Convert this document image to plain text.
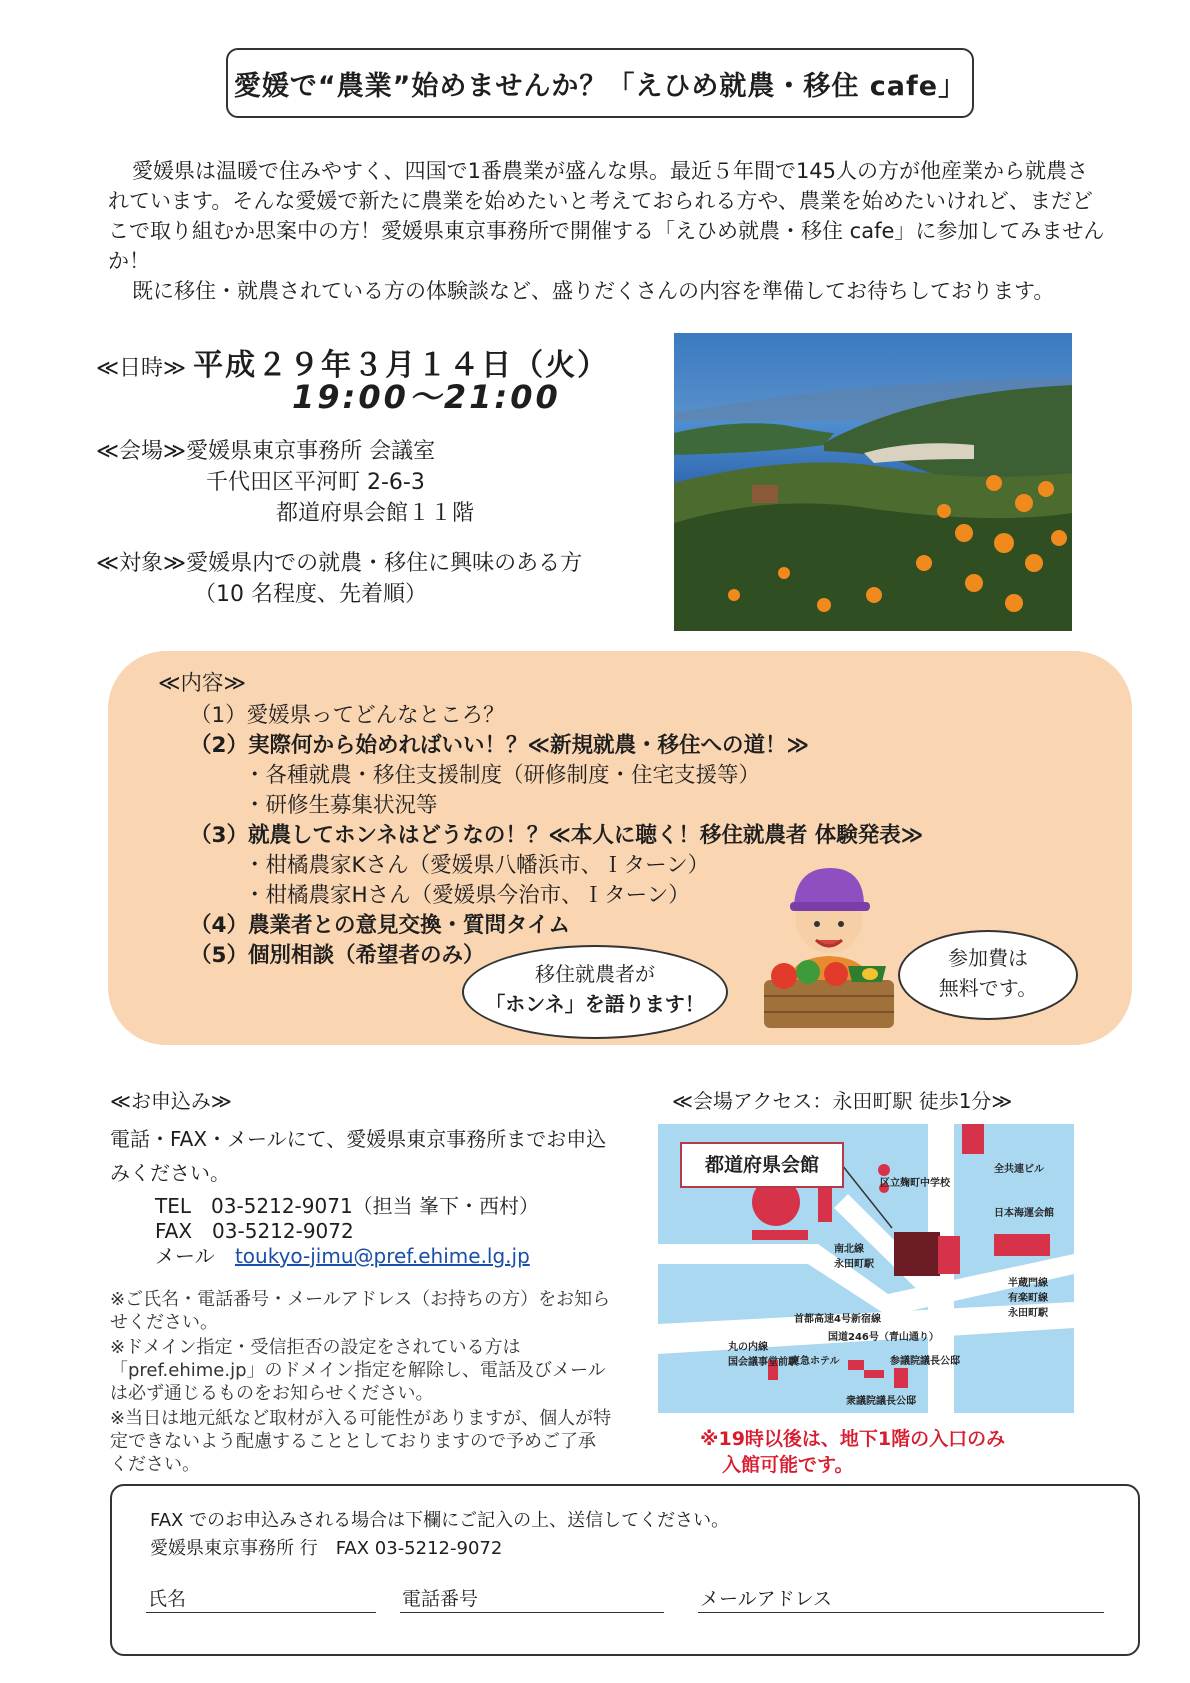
愛媛で“農業”始めませんか？「えひめ就農・移住 cafe」

愛媛県は温暖で住みやすく、四国で1番農業が盛んな県。最近５年間で145人の方が他産業から就農されています。そんな愛媛で新たに農業を始めたいと考えておられる方や、農業を始めたいけれど、まだどこで取り組むか思案中の方！愛媛県東京事務所で開催する「えひめ就農・移住 cafe」に参加してみませんか！

既に移住・就農されている方の体験談など、盛りだくさんの内容を準備してお待ちしております。

≪日時≫ 平成２９年３月１４日（火）
19:00～21:00
≪会場≫愛媛県東京事務所 会議室
千代田区平河町 2-6-3
都道府県会館１１階
≪対象≫愛媛県内での就農・移住に興味のある方
（10 名程度、先着順）
≪内容≫
（1）愛媛県ってどんなところ？
（2）実際何から始めればいい！？≪新規就農・移住への道！≫
・各種就農・移住支援制度（研修制度・住宅支援等）
・研修生募集状況等
（3）就農してホンネはどうなの！？≪本人に聴く！移住就農者 体験発表≫
・柑橘農家Kさん（愛媛県八幡浜市、Ｉターン）
・柑橘農家Hさん（愛媛県今治市、Ｉターン）
（4）農業者との意見交換・質問タイム
（5）個別相談（希望者のみ）
移住就農者が
「ホンネ」を語ります！
参加費は
無料です。
≪お申込み≫
電話・FAX・メールにて、愛媛県東京事務所までお申込
みください。
TEL　03-5212-9071（担当 峯下・西村）
FAX　03-5212-9072
メール toukyo-jimu@pref.ehime.lg.jp
※ご氏名・電話番号・メールアドレス（お持ちの方）をお知らせください。
※ドメイン指定・受信拒否の設定をされている方は「pref.ehime.jp」のドメイン指定を解除し、電話及びメールは必ず通じるものをお知らせください。
※当日は地元紙など取材が入る可能性がありますが、個人が特定できないよう配慮することとしておりますので予めご了承ください。
≪会場アクセス：永田町駅 徒歩1分≫
都道府県会館
区立麹町中学校
全共連ビル
日本海運会館
南北線
永田町駅
半蔵門線
有楽町線
永田町駅
首都高速4号新宿線
国道246号（青山通り）
東急ホテル
丸の内線
国会議事堂前駅	参議院議長公邸
衆議院議長公邸
※19時以後は、地下1階の入口のみ
入館可能です。
FAX でのお申込みされる場合は下欄にご記入の上、送信してください。
愛媛県東京事務所 行　FAX 03-5212-9072
氏名	電話番号	メールアドレス
